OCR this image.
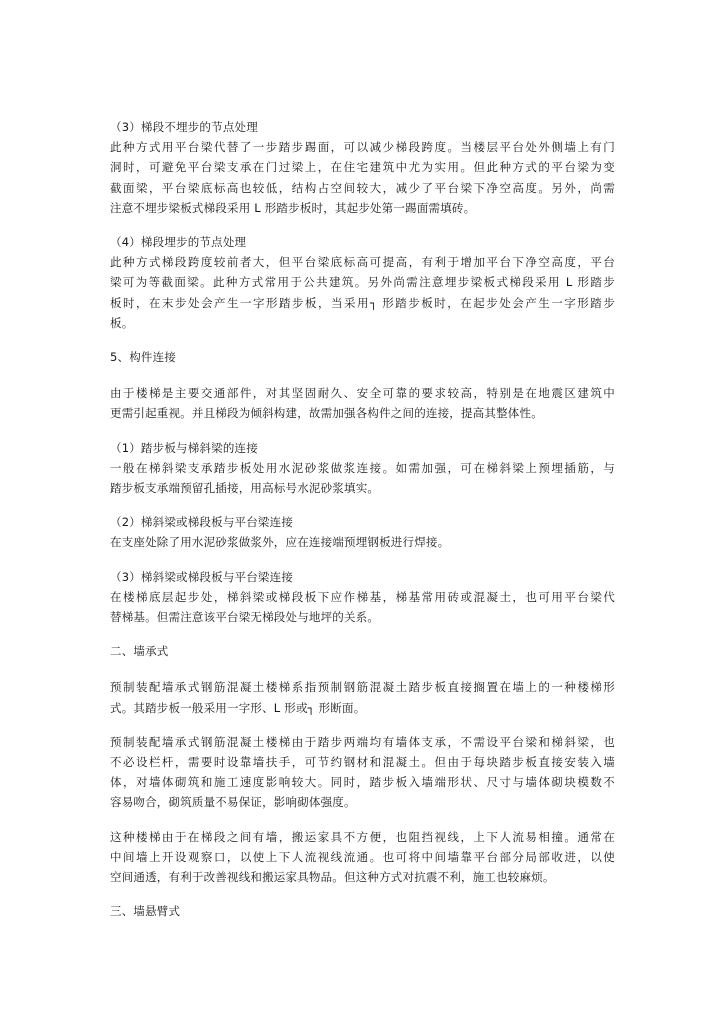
（3）梯段不埋步的节点处理
此种方式用平台梁代替了一步踏步踢面，可以减少梯段跨度。当楼层平台处外侧墙上有门
洞时，可避免平台梁支承在门过梁上，在住宅建筑中尤为实用。但此种方式的平台梁为变
截面梁，平台梁底标高也较低，结构占空间较大，减少了平台梁下净空高度。另外，尚需
注意不埋步梁板式梯段采用 L 形踏步板时，其起步处第一踢面需填砖。
（4）梯段埋步的节点处理
此种方式梯段跨度较前者大，但平台梁底标高可提高，有利于增加平台下净空高度，平台
梁可为等截面梁。此种方式常用于公共建筑。另外尚需注意埋步梁板式梯段采用 L 形踏步
板时，在末步处会产生一字形踏步板，当采用┐ 形踏步板时，在起步处会产生一字形踏步
板。
5、构件连接
由于楼梯是主要交通部件，对其坚固耐久、安全可靠的要求较高，特别是在地震区建筑中
更需引起重视。并且梯段为倾斜构建，故需加强各构件之间的连接，提高其整体性。
（1）踏步板与梯斜梁的连接
一般在梯斜梁支承踏步板处用水泥砂浆做浆连接。如需加强，可在梯斜梁上预埋插筋，与
踏步板支承端预留孔插接，用高标号水泥砂浆填实。
（2）梯斜梁或梯段板与平台梁连接
在支座处除了用水泥砂浆做浆外，应在连接端预埋钢板进行焊接。
（3）梯斜梁或梯段板与平台梁连接
在楼梯底层起步处，梯斜梁或梯段板下应作梯基，梯基常用砖或混凝土，也可用平台梁代
替梯基。但需注意该平台梁无梯段处与地坪的关系。
二、墙承式
预制装配墙承式钢筋混凝土楼梯系指预制钢筋混凝土踏步板直接搁置在墙上的一种楼梯形
式。其踏步板一般采用一字形、L 形或┐ 形断面。
预制装配墙承式钢筋混凝土楼梯由于踏步两端均有墙体支承，不需设平台梁和梯斜梁，也
不必设栏杆，需要时设靠墙扶手，可节约钢材和混凝土。但由于每块踏步板直接安装入墙
体，对墙体砌筑和施工速度影响较大。同时，踏步板入墙端形状、尺寸与墙体砌块模数不
容易吻合，砌筑质量不易保证，影响砌体强度。
这种楼梯由于在梯段之间有墙，搬运家具不方便，也阻挡视线，上下人流易相撞。通常在
中间墙上开设观察口，以使上下人流视线流通。也可将中间墙靠平台部分局部收进，以使
空间通透，有利于改善视线和搬运家具物品。但这种方式对抗震不利，施工也较麻烦。
三、墙悬臂式
